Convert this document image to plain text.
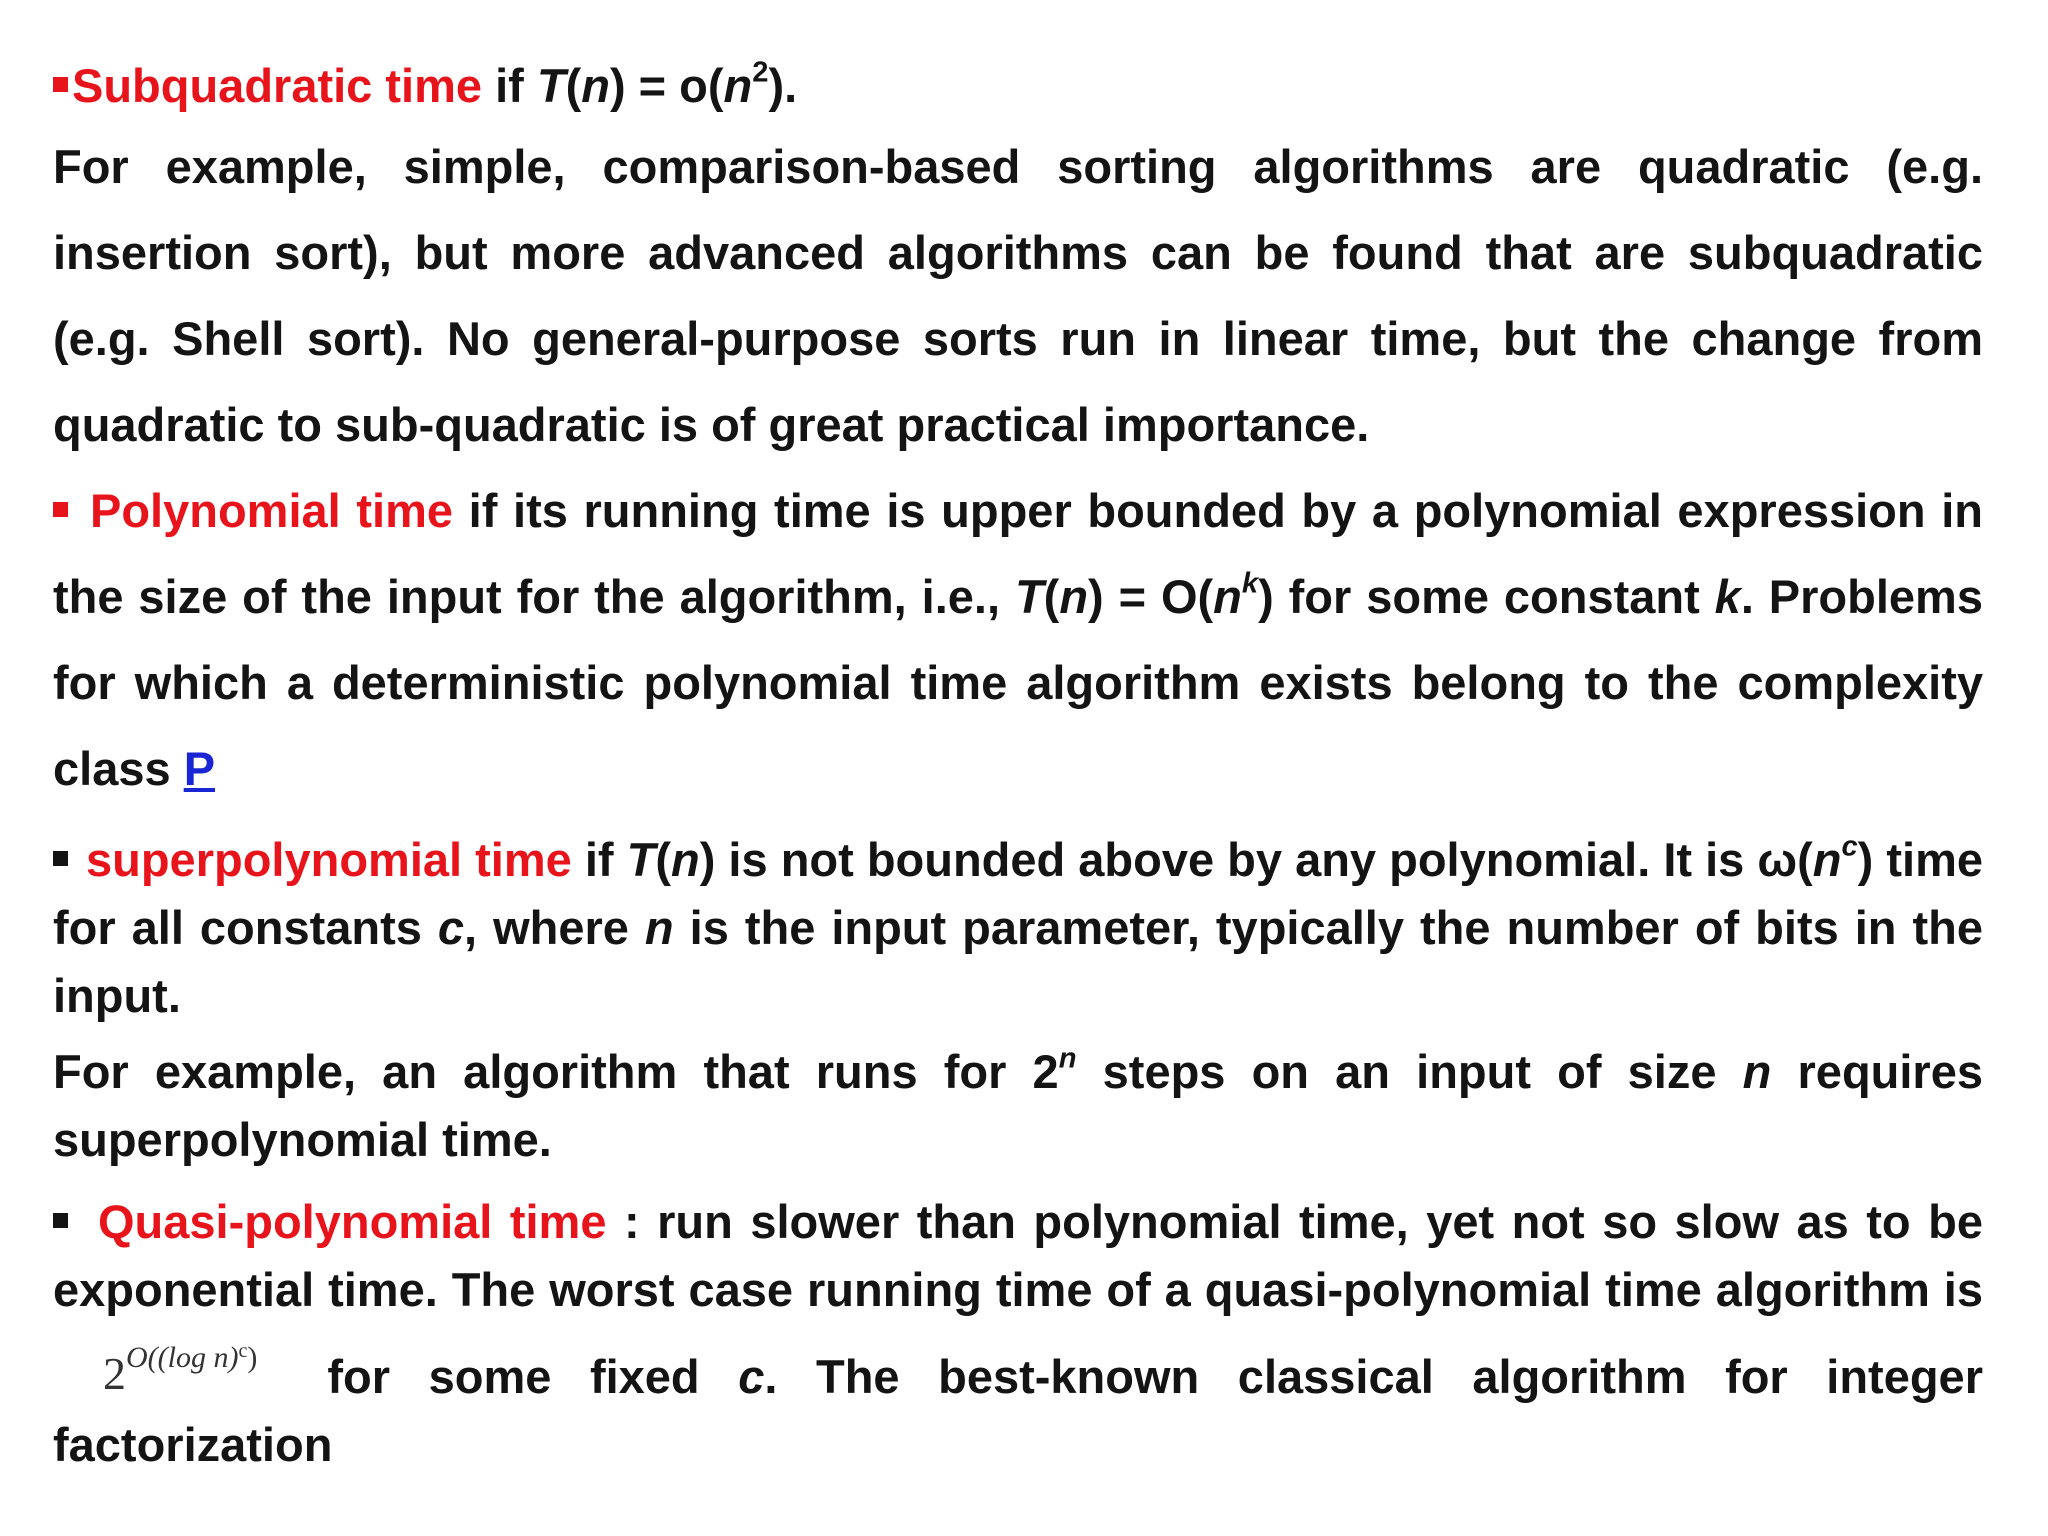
Subquadratic time if $T(n) = o(n^2)$.

For example, simple, comparison-based sorting algorithms are quadratic (e.g. insertion sort), but more advanced algorithms can be found that are subquadratic (e.g. Shell sort). No general-purpose sorts run in linear time, but the change from quadratic to sub-quadratic is of great practical importance.

Polynomial time if its running time is upper bounded by a polynomial expression in the size of the input for the algorithm, i.e., $T(n) = O(n^k)$ for some constant k. Problems for which a deterministic polynomial time algorithm exists belong to the complexity class P

superpolynomial time if T(n) is not bounded above by any polynomial. It is $\omega(n^c)$ time for all constants c, where n is the input parameter, typically the number of bits in the input.

For example, an algorithm that runs for 2$^n$ steps on an input of size n requires superpolynomial time.

Quasi-polynomial time : run slower than polynomial time, yet not so slow as to be exponential time. The worst case running time of a quasi-polynomial time algorithm $is2^{O((log n)^c)}$ for some fixed c. The best-known classical algorithm for integer factorization
